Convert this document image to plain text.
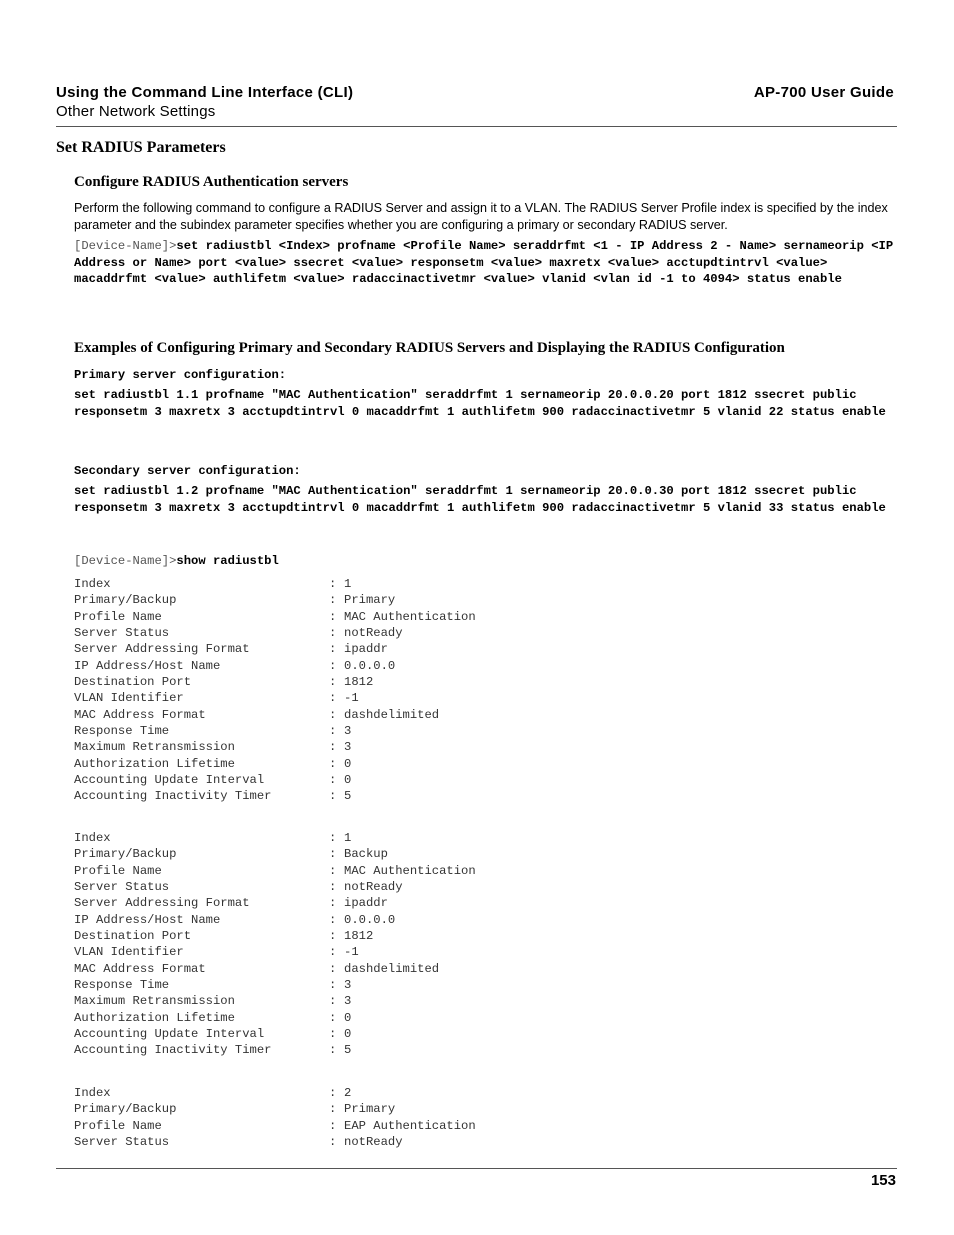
Using the Command Line Interface (CLI)	AP-700 User Guide
Other Network Settings
Set RADIUS Parameters
Configure RADIUS Authentication servers
Perform the following command to configure a RADIUS Server and assign it to a VLAN. The RADIUS Server Profile index is specified by the index parameter and the subindex parameter specifies whether you are configuring a primary or secondary RADIUS server.
[Device-Name]>set radiustbl <Index> profname <Profile Name> seraddrfmt <1 - IP Address 2 - Name> sernameorip <IP Address or Name> port <value> ssecret <value> responsetm <value> maxretx <value> acctupdtintrvl <value> macaddrfmt <value> authlifetm <value> radaccinactivetmr <value> vlanid <vlan id -1 to 4094> status enable
Examples of Configuring Primary and Secondary RADIUS Servers and Displaying the RADIUS Configuration
Primary server configuration:
set radiustbl 1.1 profname "MAC Authentication" seraddrfmt 1 sernameorip 20.0.0.20 port 1812 ssecret public responsetm 3 maxretx 3 acctupdtintrvl 0 macaddrfmt 1 authlifetm 900 radaccinactivetmr 5 vlanid 22 status enable
Secondary server configuration:
set radiustbl 1.2 profname "MAC Authentication" seraddrfmt 1 sernameorip 20.0.0.30 port 1812 ssecret public responsetm 3 maxretx 3 acctupdtintrvl 0 macaddrfmt 1 authlifetm 900 radaccinactivetmr 5 vlanid 33 status enable
[Device-Name]>show radiustbl
Index	: 1
Primary/Backup	: Primary
Profile Name	: MAC Authentication
Server Status	: notReady
Server Addressing Format	: ipaddr
IP Address/Host Name	: 0.0.0.0
Destination Port	: 1812
VLAN Identifier	: -1
MAC Address Format	: dashdelimited
Response Time	: 3
Maximum Retransmission	: 3
Authorization Lifetime	: 0
Accounting Update Interval	: 0
Accounting Inactivity Timer	: 5
Index	: 1
Primary/Backup	: Backup
Profile Name	: MAC Authentication
Server Status	: notReady
Server Addressing Format	: ipaddr
IP Address/Host Name	: 0.0.0.0
Destination Port	: 1812
VLAN Identifier	: -1
MAC Address Format	: dashdelimited
Response Time	: 3
Maximum Retransmission	: 3
Authorization Lifetime	: 0
Accounting Update Interval	: 0
Accounting Inactivity Timer	: 5
Index	: 2
Primary/Backup	: Primary
Profile Name	: EAP Authentication
Server Status	: notReady
153
